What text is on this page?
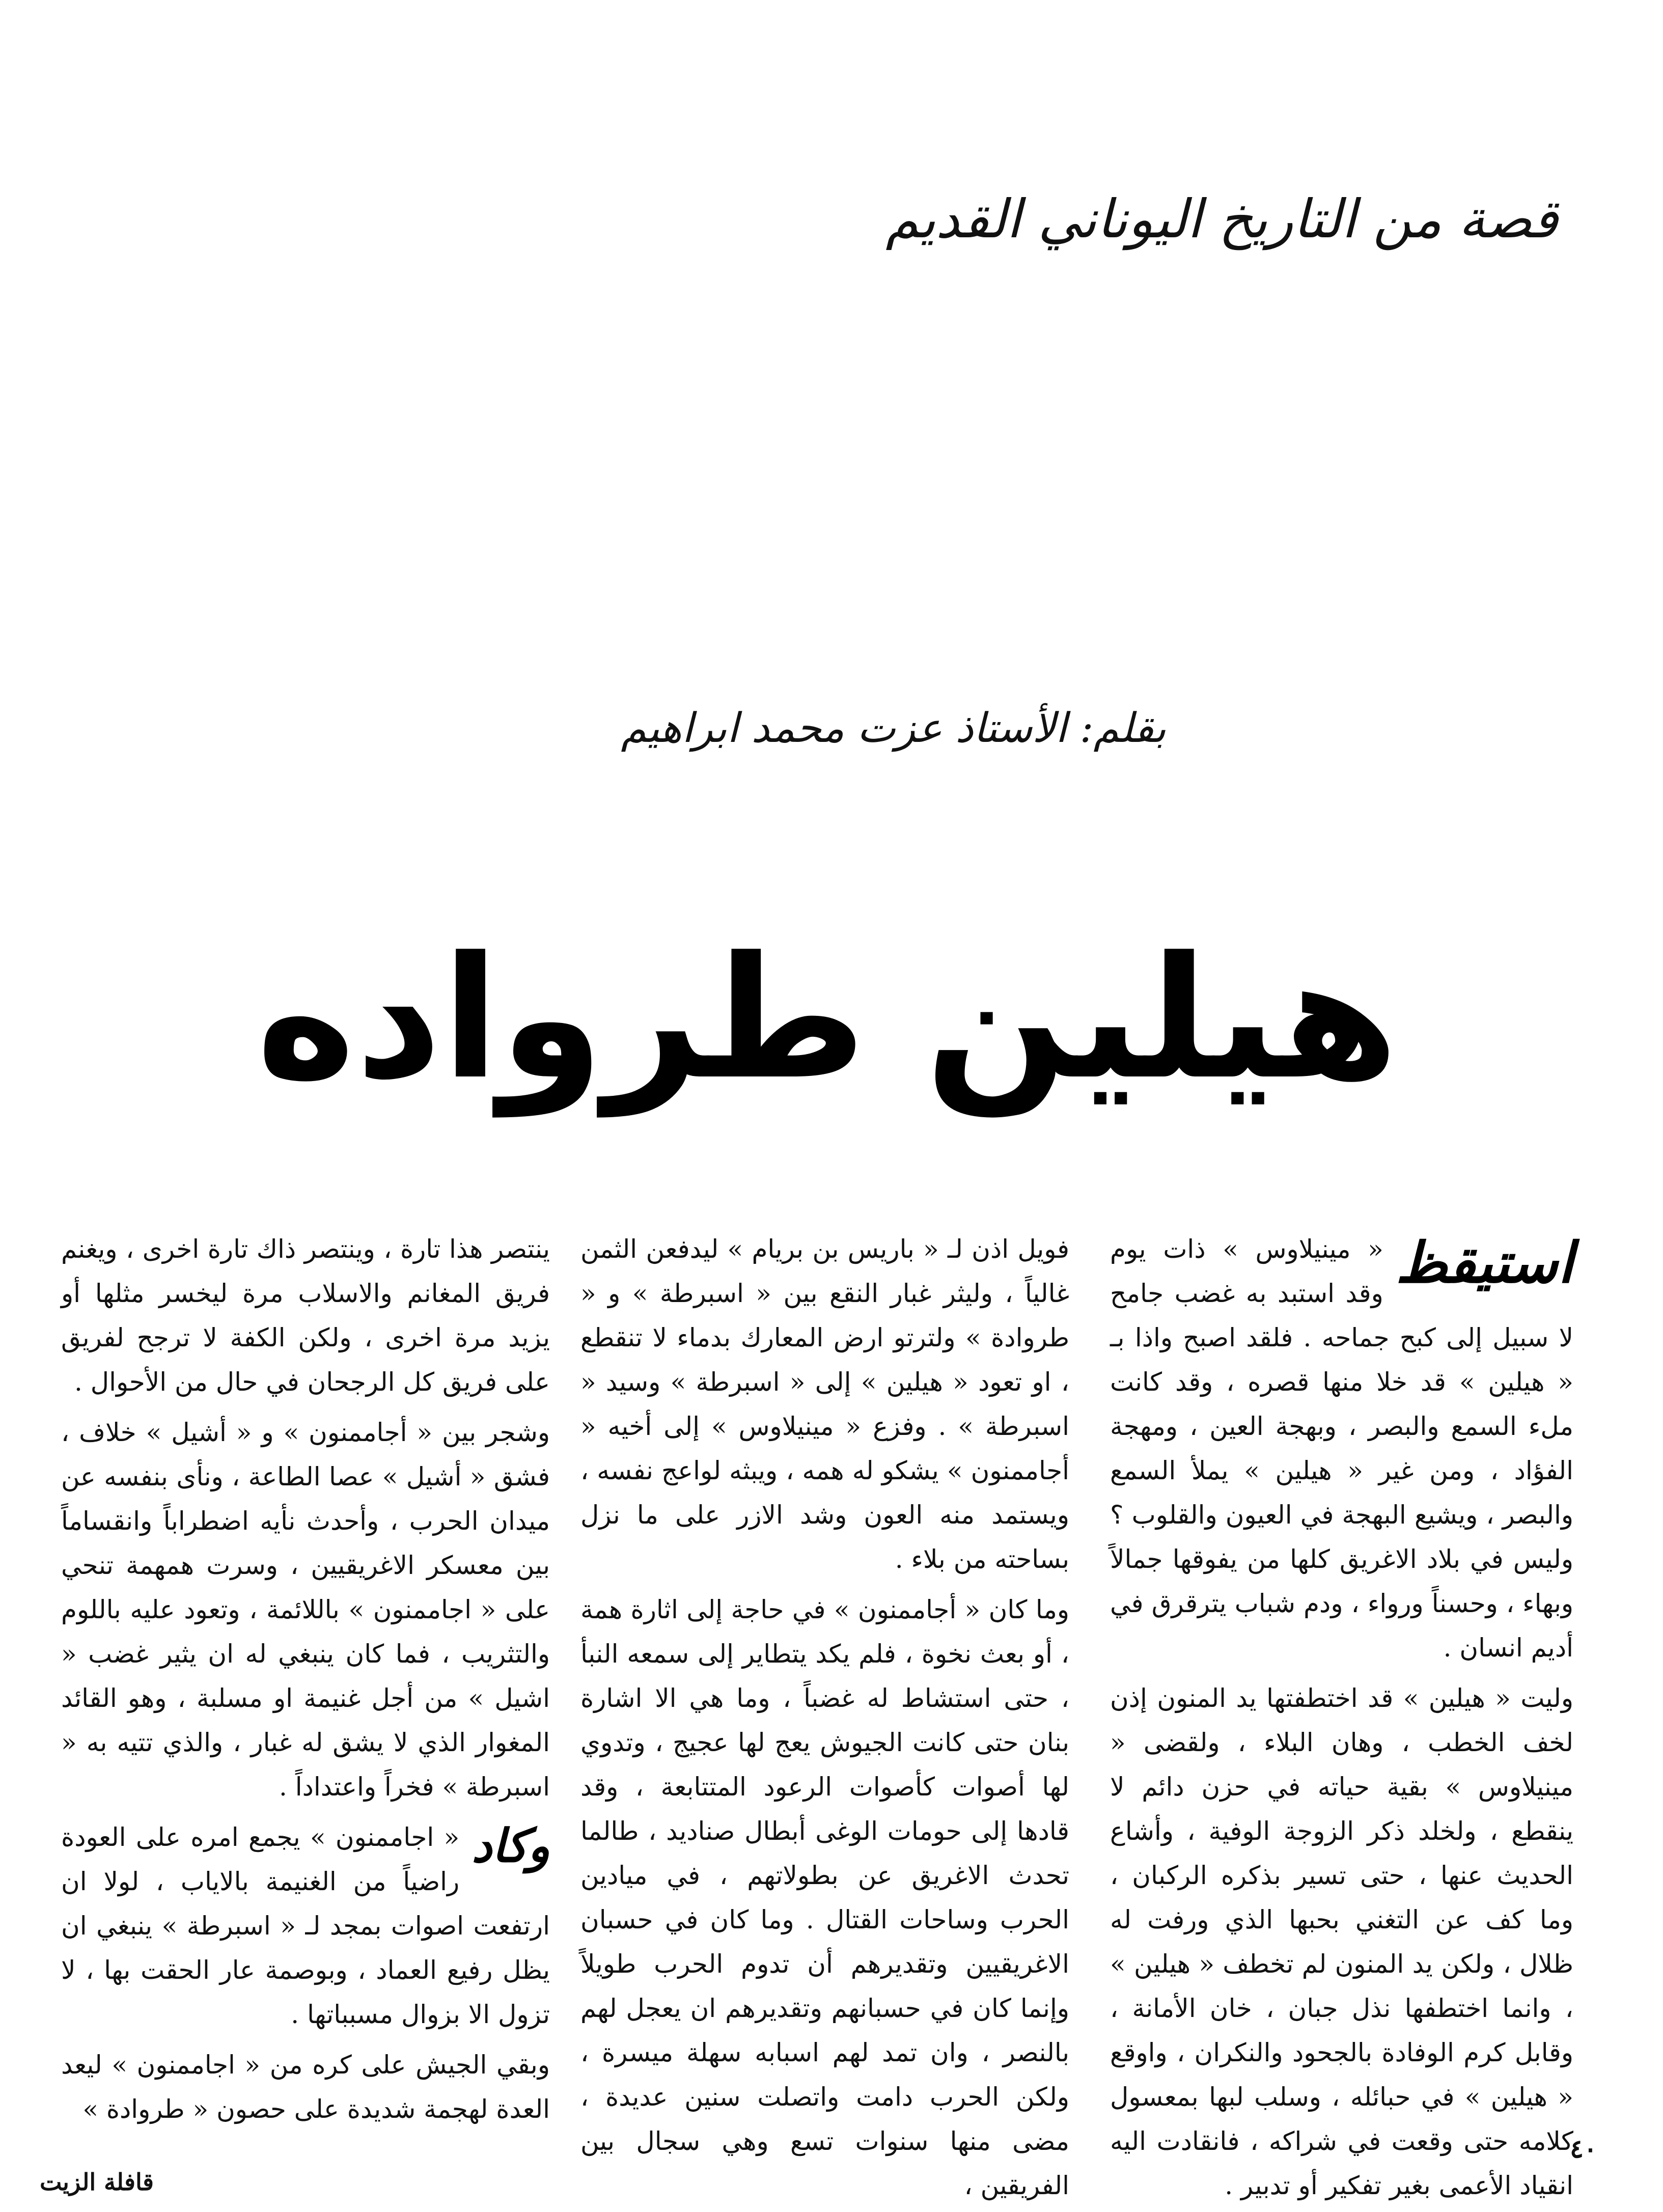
قصة من التاريخ اليوناني القديم
بقلم: الأستاذ عزت محمد ابراهيم
هيلين طرواده
استيقظ

« مينيلاوس » ذات يوم وقد استبد به غضب جامح لا سبيل إلى كبح جماحه . فلقد اصبح واذا بـ « هيلين » قد خلا منها قصره ، وقد كانت ملء السمع والبصر ، وبهجة العين ، ومهجة الفؤاد ، ومن غير « هيلين » يملأ السمع والبصر ، ويشيع البهجة في العيون والقلوب ؟ وليس في بلاد الاغريق كلها من يفوقها جمالاً وبهاء ، وحسناً ورواء ، ودم شباب يترقرق في أديم انسان .

وليت « هيلين » قد اختطفتها يد المنون إذن لخف الخطب ، وهان البلاء ، ولقضى « مينيلاوس » بقية حياته في حزن دائم لا ينقطع ، ولخلد ذكر الزوجة الوفية ، وأشاع الحديث عنها ، حتى تسير بذكره الركبان ، وما كف عن التغني بحبها الذي ورفت له ظلال ، ولكن يد المنون لم تخطف « هيلين » ، وانما اختطفها نذل جبان ، خان الأمانة ، وقابل كرم الوفادة بالجحود والنكران ، واوقع « هيلين » في حبائله ، وسلب لبها بمعسول كلامه حتى وقعت في شراكه ، فانقادت اليه انقياد الأعمى بغير تفكير أو تدبير .

فويل اذن لـ « باريس بن بريام » ليدفعن الثمن غالياً ، وليثر غبار النقع بين « اسبرطة » و « طروادة » ولترتو ارض المعارك بدماء لا تنقطع ، او تعود « هيلين » إلى « اسبرطة » وسيد « اسبرطة » . وفزع « مينيلاوس » إلى أخيه « أجاممنون » يشكو له همه ، ويبثه لواعج نفسه ، ويستمد منه العون وشد الازر على ما نزل بساحته من بلاء .

وما كان « أجاممنون » في حاجة إلى اثارة همة ، أو بعث نخوة ، فلم يكد يتطاير إلى سمعه النبأ ، حتى استشاط له غضباً ، وما هي الا اشارة بنان حتى كانت الجيوش يعج لها عجيج ، وتدوي لها أصوات كأصوات الرعود المتتابعة ، وقد قادها إلى حومات الوغى أبطال صناديد ، طالما تحدث الاغريق عن بطولاتهم ، في ميادين الحرب وساحات القتال . وما كان في حسبان الاغريقيين وتقديرهم أن تدوم الحرب طويلاً وإنما كان في حسبانهم وتقديرهم ان يعجل لهم بالنصر ، وان تمد لهم اسبابه سهلة ميسرة ، ولكن الحرب دامت واتصلت سنين عديدة ، مضى منها سنوات تسع وهي سجال بين الفريقين ،

ينتصر هذا تارة ، وينتصر ذاك تارة اخرى ، ويغنم فريق المغانم والاسلاب مرة ليخسر مثلها أو يزيد مرة اخرى ، ولكن الكفة لا ترجح لفريق على فريق كل الرجحان في حال من الأحوال .

وشجر بين « أجاممنون » و « أشيل » خلاف ، فشق « أشيل » عصا الطاعة ، ونأى بنفسه عن ميدان الحرب ، وأحدث نأيه اضطراباً وانقساماً بين معسكر الاغريقيين ، وسرت همهمة تنحي على « اجاممنون » باللائمة ، وتعود عليه باللوم والتثريب ، فما كان ينبغي له ان يثير غضب « اشيل » من أجل غنيمة او مسلبة ، وهو القائد المغوار الذي لا يشق له غبار ، والذي تتيه به « اسبرطة » فخراً واعتداداً .

وكاد
« اجاممنون » يجمع امره على العودة راضياً من الغنيمة بالاياب ، لولا ان ارتفعت اصوات بمجد لـ « اسبرطة » ينبغي ان يظل رفيع العماد ، وبوصمة عار الحقت بها ، لا تزول الا بزوال مسبباتها .

وبقي الجيش على كره من « اجاممنون » ليعد العدة لهجمة شديدة على حصون « طروادة »

٤٠
قافلة الزيت
